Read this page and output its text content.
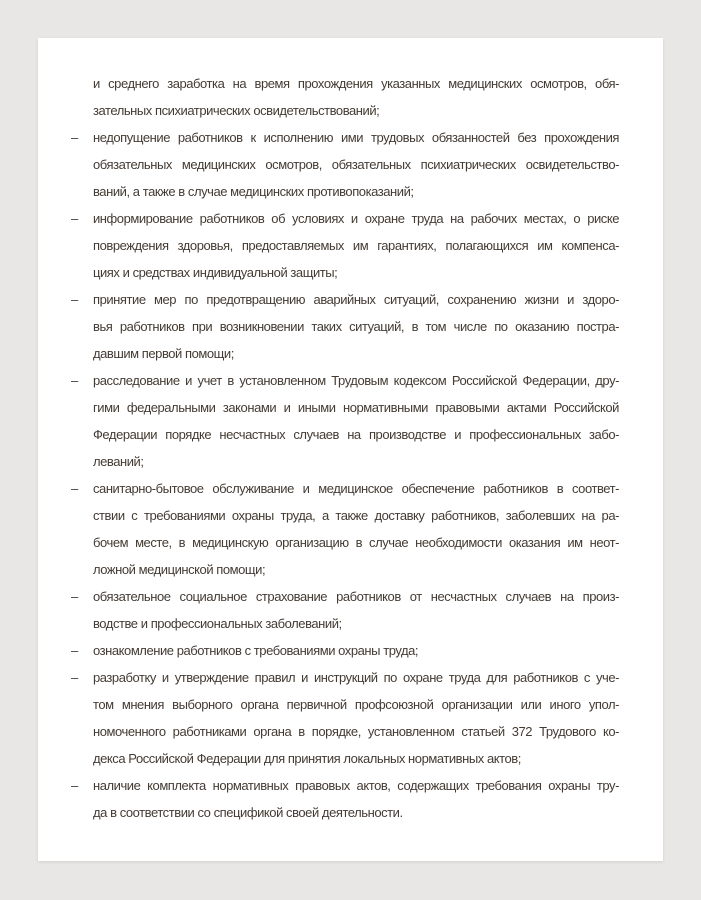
и среднего заработка на время прохождения указанных медицинских осмотров, обя-
зательных психиатрических освидетельствований;
– недопущение работников к исполнению ими трудовых обязанностей без прохождения
обязательных медицинских осмотров, обязательных психиатрических освидетельство-
ваний, а также в случае медицинских противопоказаний;
– информирование работников об условиях и охране труда на рабочих местах, о риске
повреждения здоровья, предоставляемых им гарантиях, полагающихся им компенса-
циях и средствах индивидуальной защиты;
– принятие мер по предотвращению аварийных ситуаций, сохранению жизни и здоро-
вья работников при возникновении таких ситуаций, в том числе по оказанию постра-
давшим первой помощи;
– расследование и учет в установленном Трудовым кодексом Российской Федерации, дру-
гими федеральными законами и иными нормативными правовыми актами Российской
Федерации порядке несчастных случаев на производстве и профессиональных забо-
леваний;
– санитарно-бытовое обслуживание и медицинское обеспечение работников в соответ-
ствии с требованиями охраны труда, а также доставку работников, заболевших на ра-
бочем месте, в медицинскую организацию в случае необходимости оказания им неот-
ложной медицинской помощи;
– обязательное социальное страхование работников от несчастных случаев на произ-
водстве и профессиональных заболеваний;
– ознакомление работников с требованиями охраны труда;
– разработку и утверждение правил и инструкций по охране труда для работников с уче-
том мнения выборного органа первичной профсоюзной организации или иного упол-
номоченного работниками органа в порядке, установленном статьей 372 Трудового ко-
декса Российской Федерации для принятия локальных нормативных актов;
– наличие комплекта нормативных правовых актов, содержащих требования охраны тру-
да в соответствии со спецификой своей деятельности.
